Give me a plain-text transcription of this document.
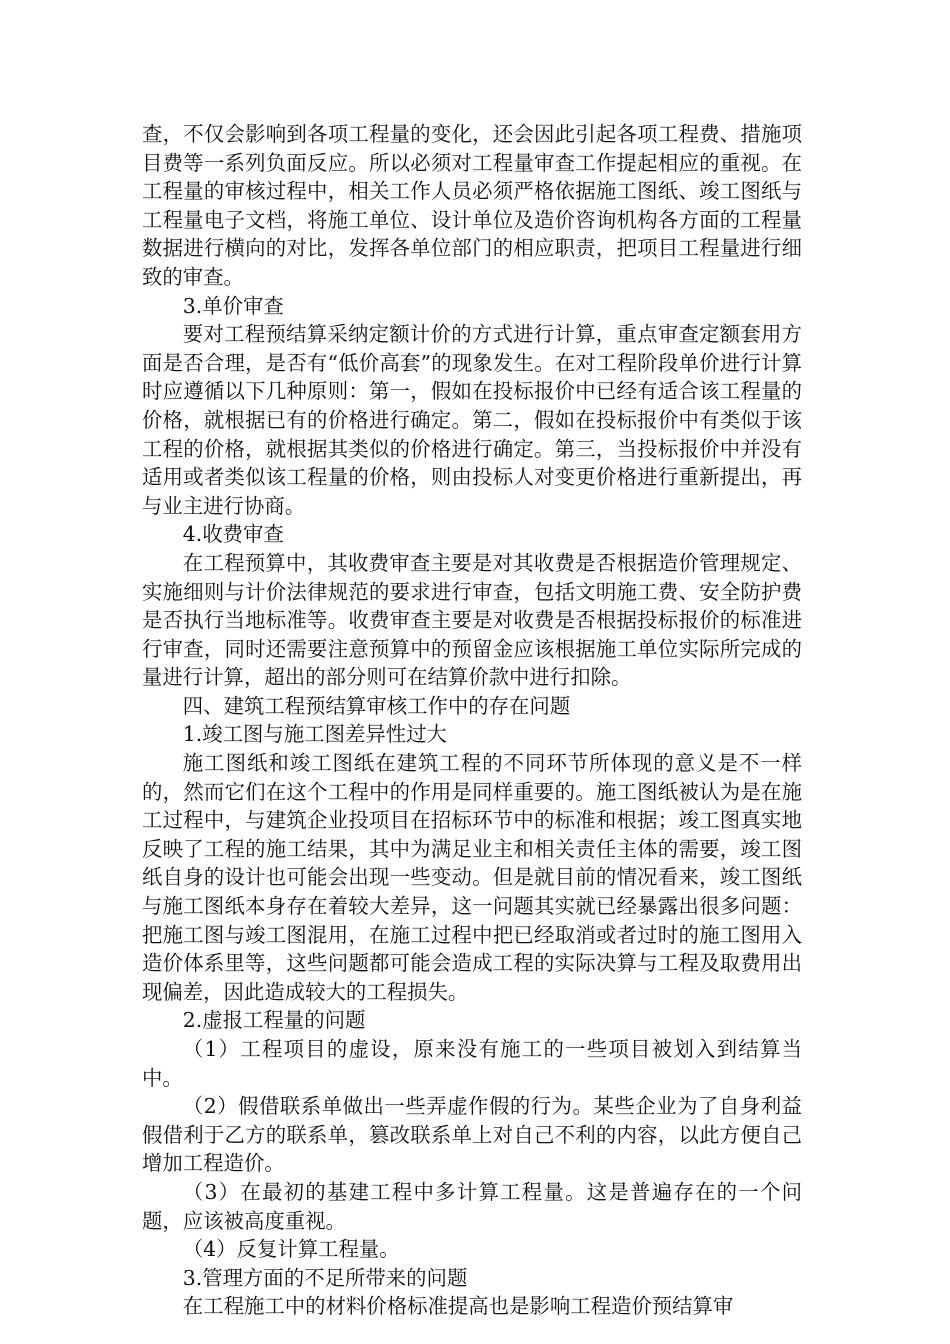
查，不仅会影响到各项工程量的变化，还会因此引起各项工程费、措施项目费等一系列负面反应。所以必须对工程量审查工作提起相应的重视。在工程量的审核过程中，相关工作人员必须严格依据施工图纸、竣工图纸与工程量电子文档，将施工单位、设计单位及造价咨询机构各方面的工程量数据进行横向的对比，发挥各单位部门的相应职责，把项目工程量进行细致的审查。

3.单价审查

要对工程预结算采纳定额计价的方式进行计算，重点审查定额套用方面是否合理，是否有“低价高套”的现象发生。在对工程阶段单价进行计算时应遵循以下几种原则：第一，假如在投标报价中已经有适合该工程量的价格，就根据已有的价格进行确定。第二，假如在投标报价中有类似于该工程的价格，就根据其类似的价格进行确定。第三，当投标报价中并没有适用或者类似该工程量的价格，则由投标人对变更价格进行重新提出，再与业主进行协商。

4.收费审查

在工程预算中，其收费审查主要是对其收费是否根据造价管理规定、实施细则与计价法律规范的要求进行审查，包括文明施工费、安全防护费是否执行当地标准等。收费审查主要是对收费是否根据投标报价的标准进行审查，同时还需要注意预算中的预留金应该根据施工单位实际所完成的量进行计算，超出的部分则可在结算价款中进行扣除。

四、建筑工程预结算审核工作中的存在问题

1.竣工图与施工图差异性过大

施工图纸和竣工图纸在建筑工程的不同环节所体现的意义是不一样的，然而它们在这个工程中的作用是同样重要的。施工图纸被认为是在施工过程中，与建筑企业投项目在招标环节中的标准和根据；竣工图真实地反映了工程的施工结果，其中为满足业主和相关责任主体的需要，竣工图纸自身的设计也可能会出现一些变动。但是就目前的情况看来，竣工图纸与施工图纸本身存在着较大差异，这一问题其实就已经暴露出很多问题：把施工图与竣工图混用，在施工过程中把已经取消或者过时的施工图用入造价体系里等，这些问题都可能会造成工程的实际决算与工程及取费用出现偏差，因此造成较大的工程损失。

2.虚报工程量的问题

（1）工程项目的虚设，原来没有施工的一些项目被划入到结算当中。

（2）假借联系单做出一些弄虚作假的行为。某些企业为了自身利益假借利于乙方的联系单，篡改联系单上对自己不利的内容，以此方便自己增加工程造价。

（3）在最初的基建工程中多计算工程量。这是普遍存在的一个问题，应该被高度重视。

（4）反复计算工程量。

3.管理方面的不足所带来的问题

在工程施工中的材料价格标准提高也是影响工程造价预结算审
